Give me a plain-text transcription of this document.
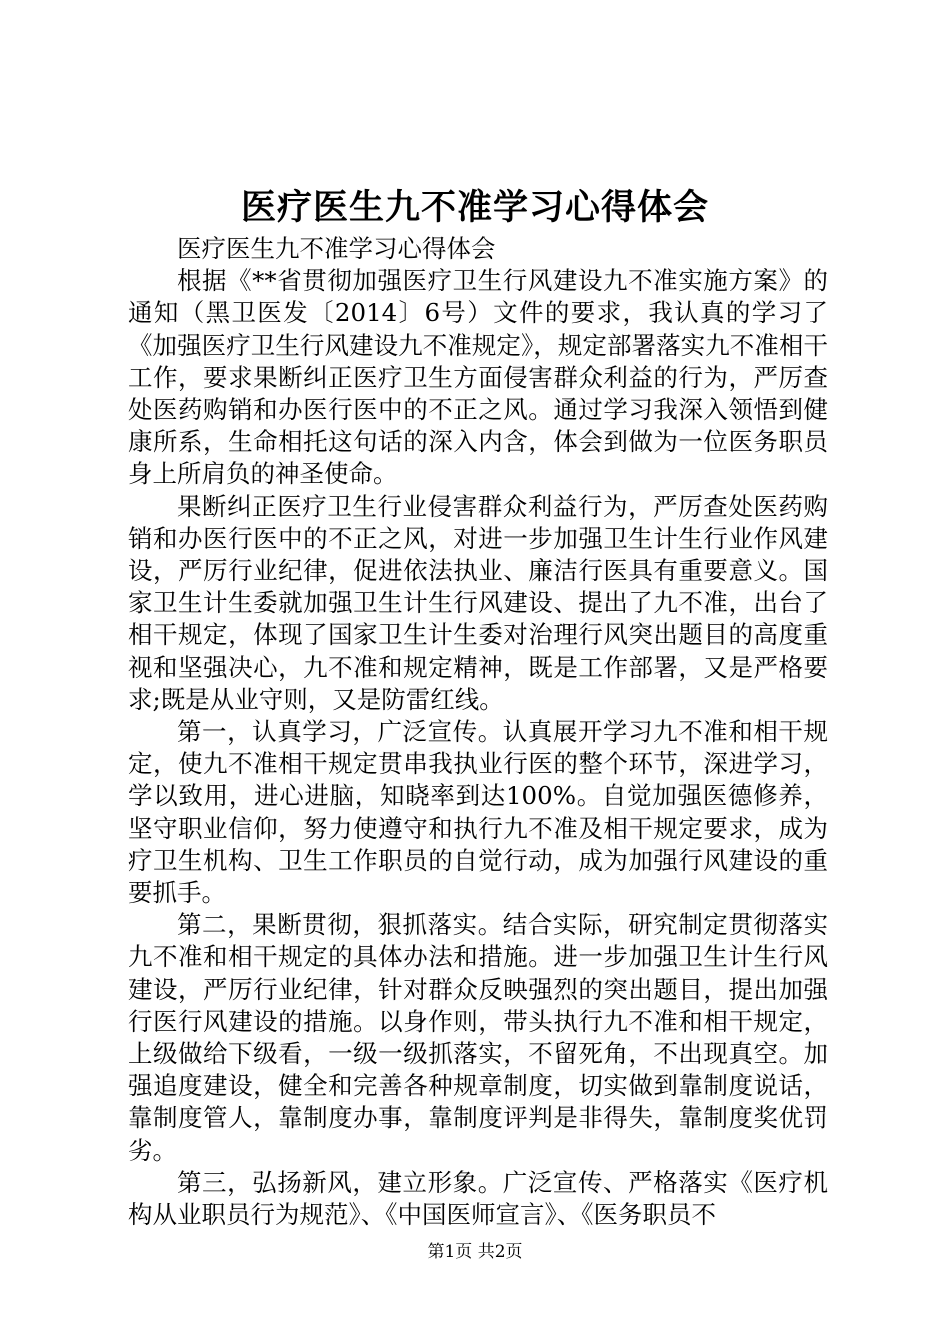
医疗医生九不准学习心得体会

医疗医生九不准学习心得体会

根据《**省贯彻加强医疗卫生行风建设九不准实施方案》的通知（黑卫医发〔2014〕6号）文件的要求，我认真的学习了《加强医疗卫生行风建设九不准规定》，规定部署落实九不准相干工作，要求果断纠正医疗卫生方面侵害群众利益的行为，严厉查处医药购销和办医行医中的不正之风。通过学习我深入领悟到健康所系，生命相托这句话的深入内含，体会到做为一位医务职员身上所肩负的神圣使命。

果断纠正医疗卫生行业侵害群众利益行为，严厉查处医药购销和办医行医中的不正之风，对进一步加强卫生计生行业作风建设，严厉行业纪律，促进依法执业、廉洁行医具有重要意义。国家卫生计生委就加强卫生计生行风建设、提出了九不准，出台了相干规定，体现了国家卫生计生委对治理行风突出题目的高度重视和坚强决心，九不准和规定精神，既是工作部署，又是严格要求;既是从业守则，又是防雷红线。

第一，认真学习，广泛宣传。认真展开学习九不准和相干规定，使九不准相干规定贯串我执业行医的整个环节，深进学习，学以致用，进心进脑，知晓率到达100%。自觉加强医德修养，坚守职业信仰，努力使遵守和执行九不准及相干规定要求，成为疗卫生机构、卫生工作职员的自觉行动，成为加强行风建设的重要抓手。

第二，果断贯彻，狠抓落实。结合实际，研究制定贯彻落实九不准和相干规定的具体办法和措施。进一步加强卫生计生行风建设，严厉行业纪律，针对群众反映强烈的突出题目，提出加强行医行风建设的措施。以身作则，带头执行九不准和相干规定，上级做给下级看，一级一级抓落实，不留死角，不出现真空。加强追度建设，健全和完善各种规章制度，切实做到靠制度说话，靠制度管人，靠制度办事，靠制度评判是非得失，靠制度奖优罚劣。

第三，弘扬新风，建立形象。广泛宣传、严格落实《医疗机构从业职员行为规范》、《中国医师宣言》、《医务职员不

第1页 共2页
